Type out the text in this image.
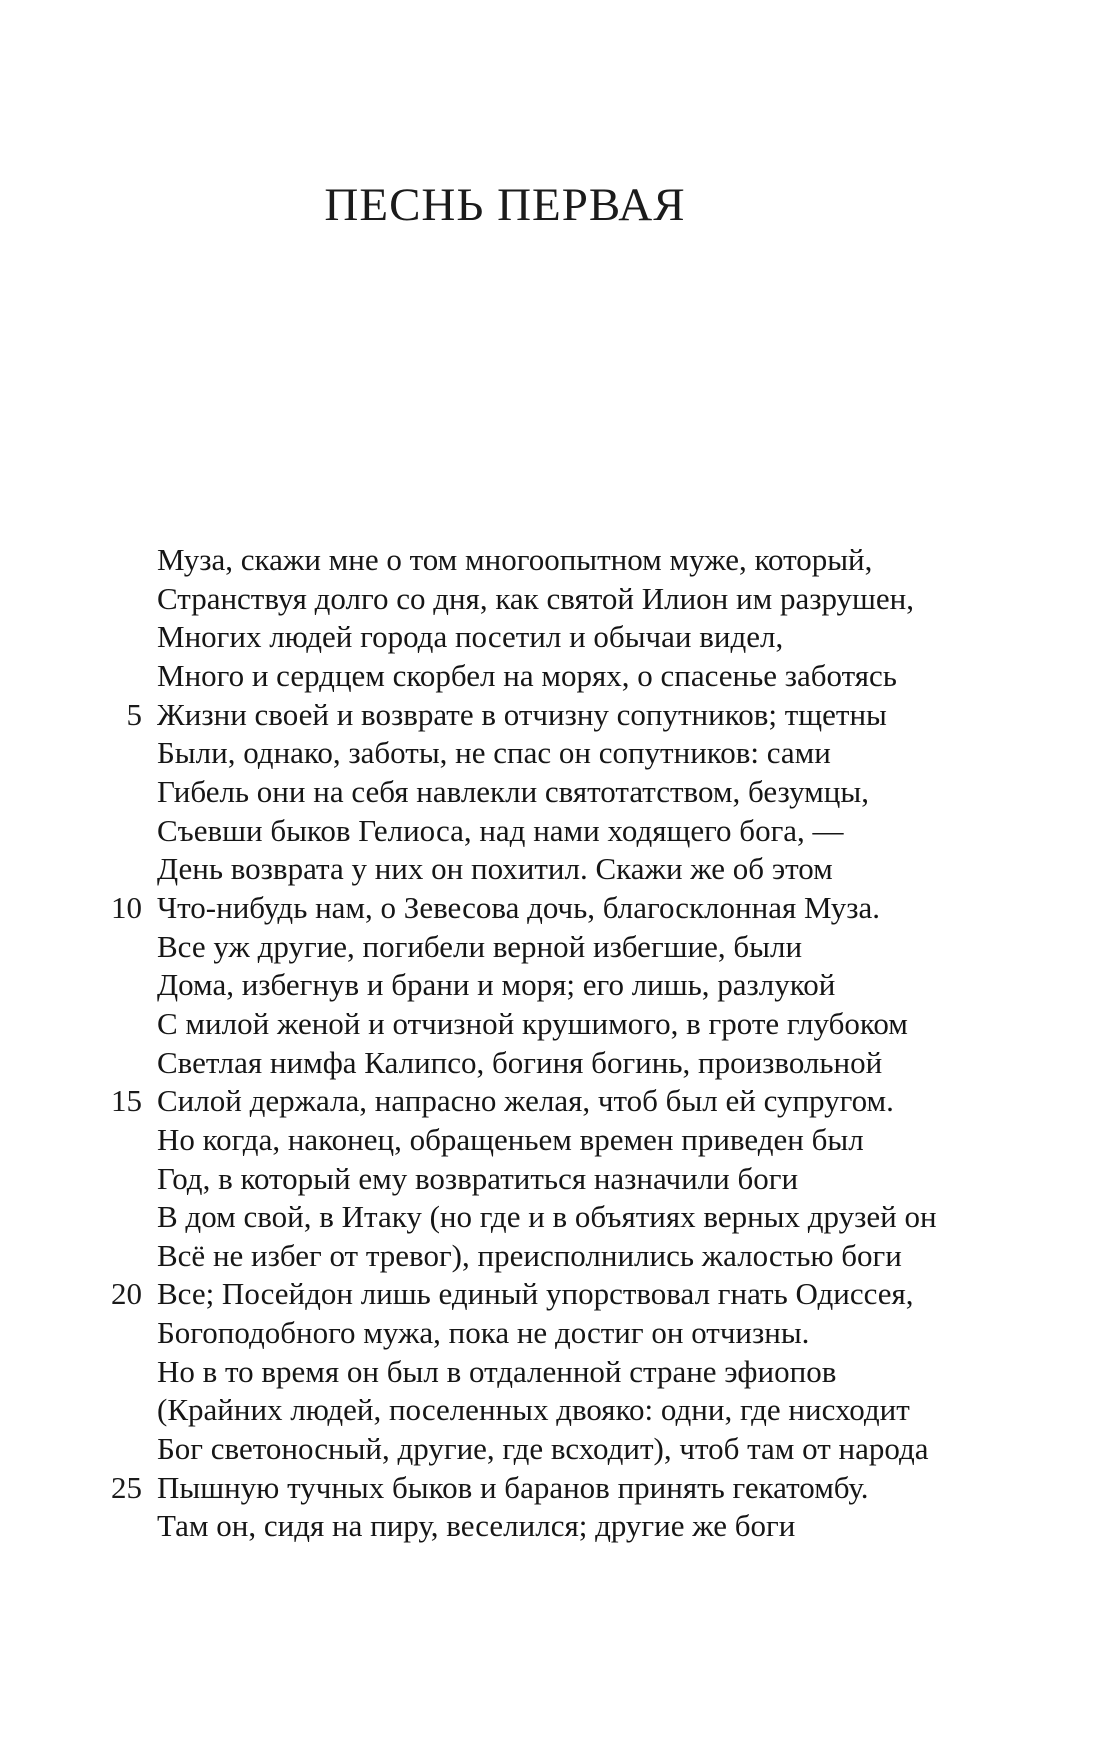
ПЕСНЬ ПЕРВАЯ
Муза, скажи мне о том многоопытном муже, который,
Странствуя долго со дня, как святой Илион им разрушен,
Многих людей города посетил и обычаи видел,
Много и сердцем скорбел на морях, о спасенье заботясь
5 Жизни своей и возврате в отчизну сопутников; тщетны
Были, однако, заботы, не спас он сопутников: сами
Гибель они на себя навлекли святотатством, безумцы,
Съевши быков Гелиоса, над нами ходящего бога, —
День возврата у них он похитил. Скажи же об этом
10 Что-нибудь нам, о Зевесова дочь, благосклонная Муза.
Все уж другие, погибели верной избегшие, были
Дома, избегнув и брани и моря; его лишь, разлукой
С милой женой и отчизной крушимого, в гроте глубоком
Светлая нимфа Калипсо, богиня богинь, произвольной
15 Силой держала, напрасно желая, чтоб был ей супругом.
Но когда, наконец, обращеньем времен приведен был
Год, в который ему возвратиться назначили боги
В дом свой, в Итаку (но где и в объятиях верных друзей он
Всё не избег от тревог), преисполнились жалостью боги
20 Все; Посейдон лишь единый упорствовал гнать Одиссея,
Богоподобного мужа, пока не достиг он отчизны.
Но в то время он был в отдаленной стране эфиопов
(Крайних людей, поселенных двояко: одни, где нисходит
Бог светоносный, другие, где всходит), чтоб там от народа
25 Пышную тучных быков и баранов принять гекатомбу.
Там он, сидя на пиру, веселился; другие же боги
